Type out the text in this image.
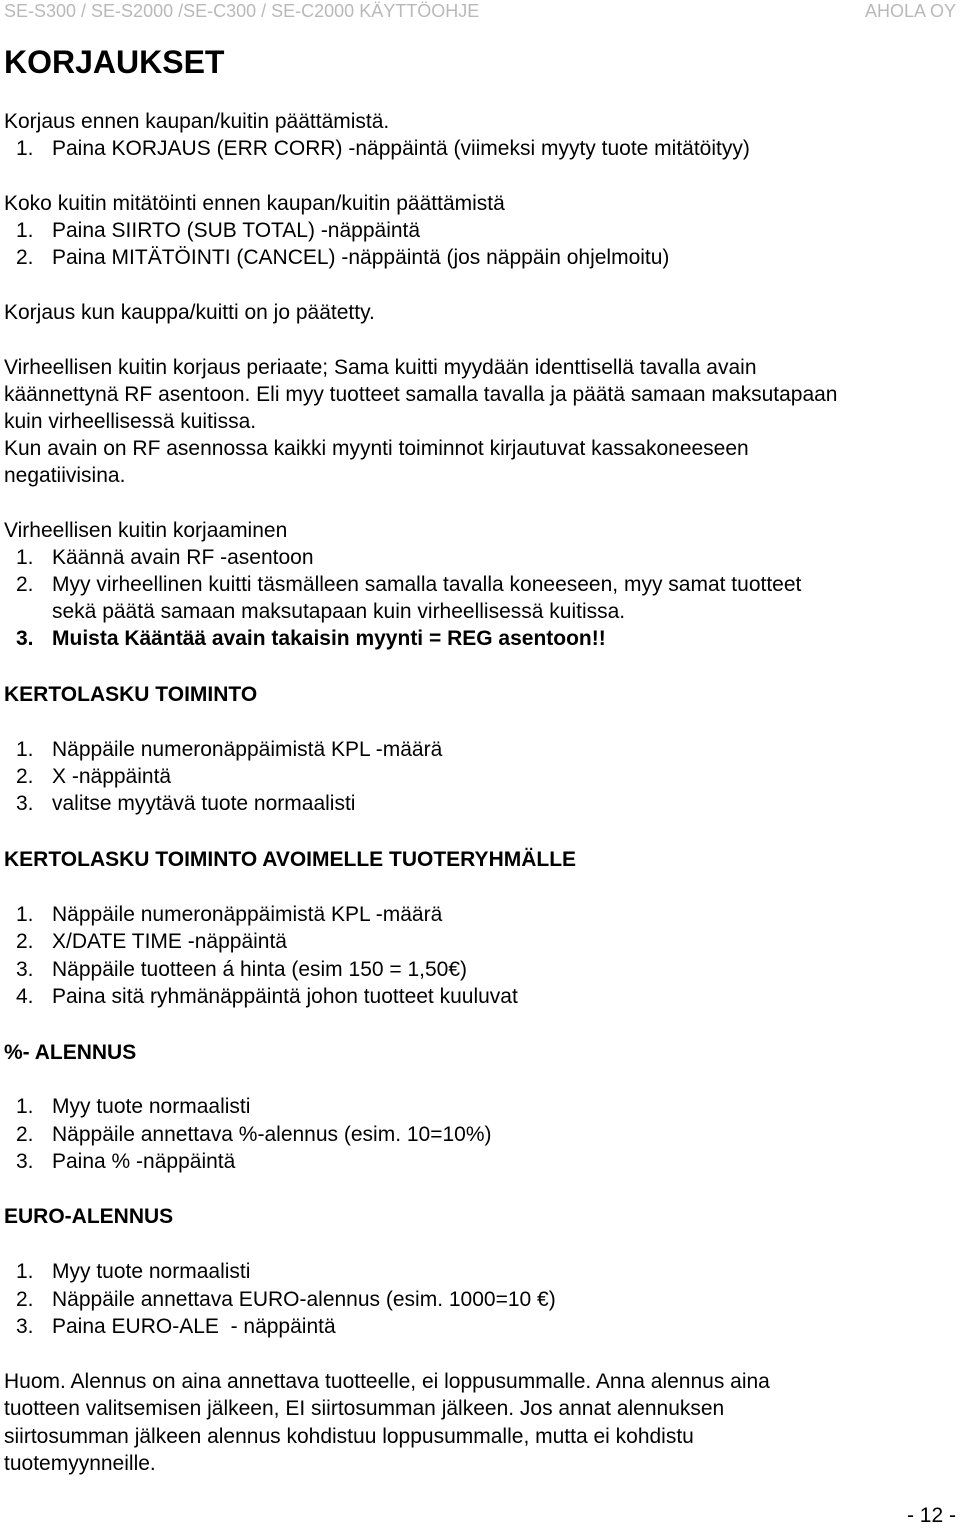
SE-S300 / SE-S2000 /SE-C300 / SE-C2000 KÄYTTÖOHJE	AHOLA OY
KORJAUKSET
Korjaus ennen kaupan/kuitin päättämistä.
1. Paina KORJAUS (ERR CORR) -näppäintä (viimeksi myyty tuote mitätöityy)
Koko kuitin mitätöinti ennen kaupan/kuitin päättämistä
1. Paina SIIRTO (SUB TOTAL) -näppäintä
2. Paina MITÄTÖINTI (CANCEL) -näppäintä (jos näppäin ohjelmoitu)
Korjaus kun kauppa/kuitti on jo päätetty.
Virheellisen kuitin korjaus periaate; Sama kuitti myydään identtisellä tavalla avain
käännettynä RF asentoon. Eli myy tuotteet samalla tavalla ja päätä samaan maksutapaan
kuin virheellisessä kuitissa.
Kun avain on RF asennossa kaikki myynti toiminnot kirjautuvat kassakoneeseen
negatiivisina.
Virheellisen kuitin korjaaminen
1. Käännä avain RF -asentoon
2. Myy virheellinen kuitti täsmälleen samalla tavalla koneeseen, myy samat tuotteet
sekä päätä samaan maksutapaan kuin virheellisessä kuitissa.
3. Muista Kääntää avain takaisin myynti = REG asentoon!!
KERTOLASKU TOIMINTO
1. Näppäile numeronäppäimistä KPL -määrä
2. X -näppäintä
3. valitse myytävä tuote normaalisti
KERTOLASKU TOIMINTO AVOIMELLE TUOTERYHMÄLLE
1. Näppäile numeronäppäimistä KPL -määrä
2. X/DATE TIME -näppäintä
3. Näppäile tuotteen á hinta (esim 150 = 1,50€)
4. Paina sitä ryhmänäppäintä johon tuotteet kuuluvat
%- ALENNUS
1. Myy tuote normaalisti
2. Näppäile annettava %-alennus (esim. 10=10%)
3. Paina % -näppäintä
EURO-ALENNUS
1. Myy tuote normaalisti
2. Näppäile annettava EURO-alennus (esim. 1000=10 €)
3. Paina EURO-ALE  - näppäintä
Huom. Alennus on aina annettava tuotteelle, ei loppusummalle. Anna alennus aina
tuotteen valitsemisen jälkeen, EI siirtosumman jälkeen. Jos annat alennuksen
siirtosumman jälkeen alennus kohdistuu loppusummalle, mutta ei kohdistu
tuotemyynneille.
- 12 -
